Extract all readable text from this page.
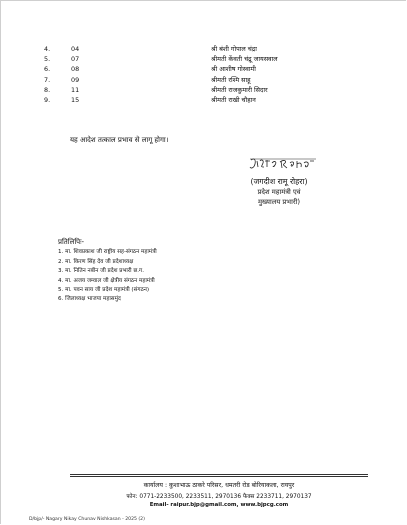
4.	04	श्री बंशी गोपाल चंद्रा
5.	07	श्रीमती केंवती चंद्रू जायसवाल
6.	08	श्री आशीष गोस्वामी
7.	09	श्रीमती रश्मि साहू
8.	11	श्रीमती राजकुमारी सिदार
9.	15	श्रीमती राखी चौहान
यह आदेश तत्काल प्रभाव से लागू होगा।
(जगदीश रामू रोहरा)
प्रदेश महामंत्री एवं
मुख्यालय प्रभारी)
प्रतिलिपिः-
1. मा. शिवप्रकाश जी राष्ट्रीय सह-संगठन महामंत्री
2. मा. किरण सिंह देव जी प्रदेशाध्यक्ष
3. मा. नितिन नबीन जी प्रदेश प्रभारी छ.ग.
4. मा. अजय जम्वाल जी क्षेत्रीय संगठन महामंत्री
5. मा. पवन साय जी प्रदेश महामंत्री (संगठन)
6. जिलाध्यक्ष भाजपा महासमुंद
कार्यालय : कुशाभाऊ ठाकरे परिसर, धमतरी रोड बोरियाकला, रायपुर
फोन: 0771-2233500, 2233511, 2970136 फैक्स 2233711, 2970137
Email- raipur.bjp@gmail.com, www.bjpcg.com
D/bjp/- Nagary Nikay Chunav Nishkasan - 2025 (2)
